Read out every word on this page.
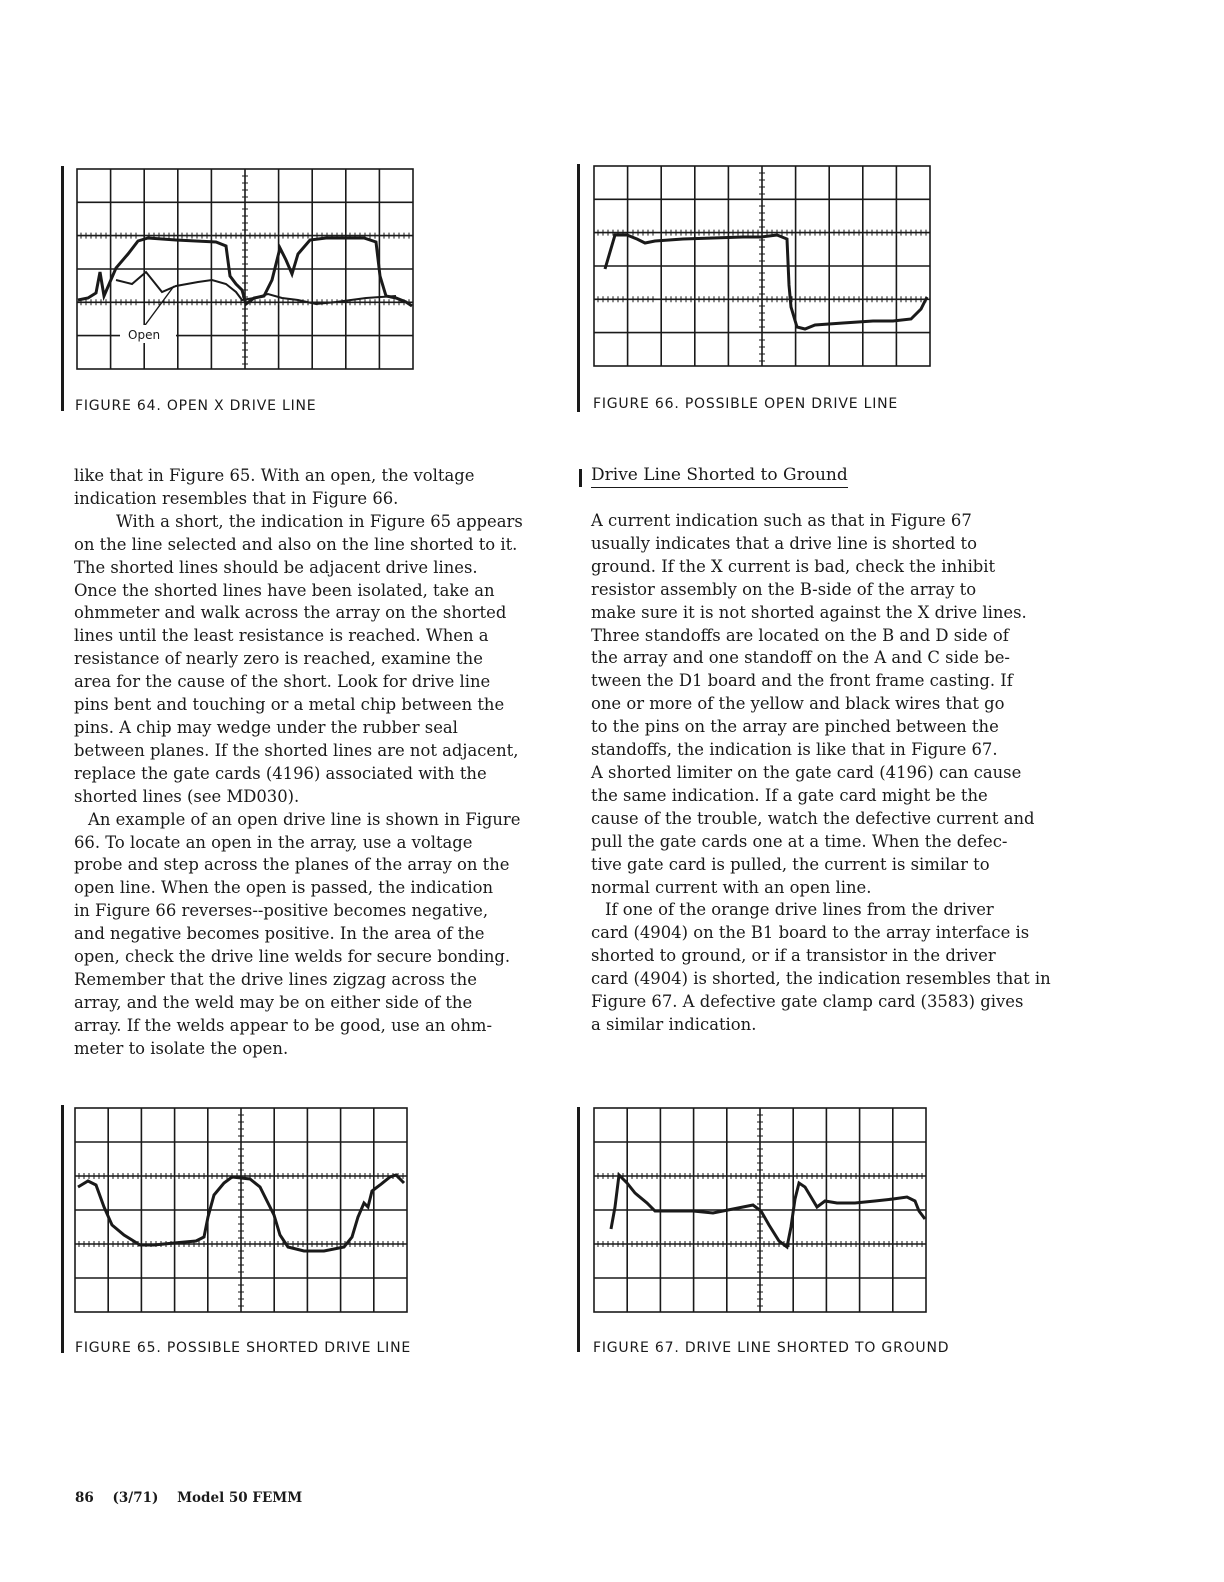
Open
FIGURE 64. OPEN X DRIVE LINE	FIGURE 66. POSSIBLE OPEN DRIVE LINE

like that in Figure 65. With an open, the voltage

indication resembles that in Figure 66.

With a short, the indication in Figure 65 appears

on the line selected and also on the line shorted to it.

The shorted lines should be adjacent drive lines.

Once the shorted lines have been isolated, take an

ohmmeter and walk across the array on the shorted

lines until the least resistance is reached. When a

resistance of nearly zero is reached, examine the

area for the cause of the short. Look for drive line

pins bent and touching or a metal chip between the

pins. A chip may wedge under the rubber seal

between planes. If the shorted lines are not adjacent,

replace the gate cards (4196) associated with the

shorted lines (see MD030).

An example of an open drive line is shown in Figure

66. To locate an open in the array, use a voltage

probe and step across the planes of the array on the

open line. When the open is passed, the indication

in Figure 66 reverses--positive becomes negative,

and negative becomes positive. In the area of the

open, check the drive line welds for secure bonding.

Remember that the drive lines zigzag across the

array, and the weld may be on either side of the

array. If the welds appear to be good, use an ohm-

meter to isolate the open.

Drive Line Shorted to Ground

A current indication such as that in Figure 67

usually indicates that a drive line is shorted to

ground. If the X current is bad, check the inhibit

resistor assembly on the B-side of the array to

make sure it is not shorted against the X drive lines.

Three standoffs are located on the B and D side of

the array and one standoff on the A and C side be-

tween the D1 board and the front frame casting. If

one or more of the yellow and black wires that go

to the pins on the array are pinched between the

standoffs, the indication is like that in Figure 67.

A shorted limiter on the gate card (4196) can cause

the same indication. If a gate card might be the

cause of the trouble, watch the defective current and

pull the gate cards one at a time. When the defec-

tive gate card is pulled, the current is similar to

normal current with an open line.

If one of the orange drive lines from the driver

card (4904) on the B1 board to the array interface is

shorted to ground, or if a transistor in the driver

card (4904) is shorted, the indication resembles that in

Figure 67. A defective gate clamp card (3583) gives

a similar indication.

FIGURE 65. POSSIBLE SHORTED DRIVE LINE	FIGURE 67. DRIVE LINE SHORTED TO GROUND
86 (3/71) Model 50 FEMM
